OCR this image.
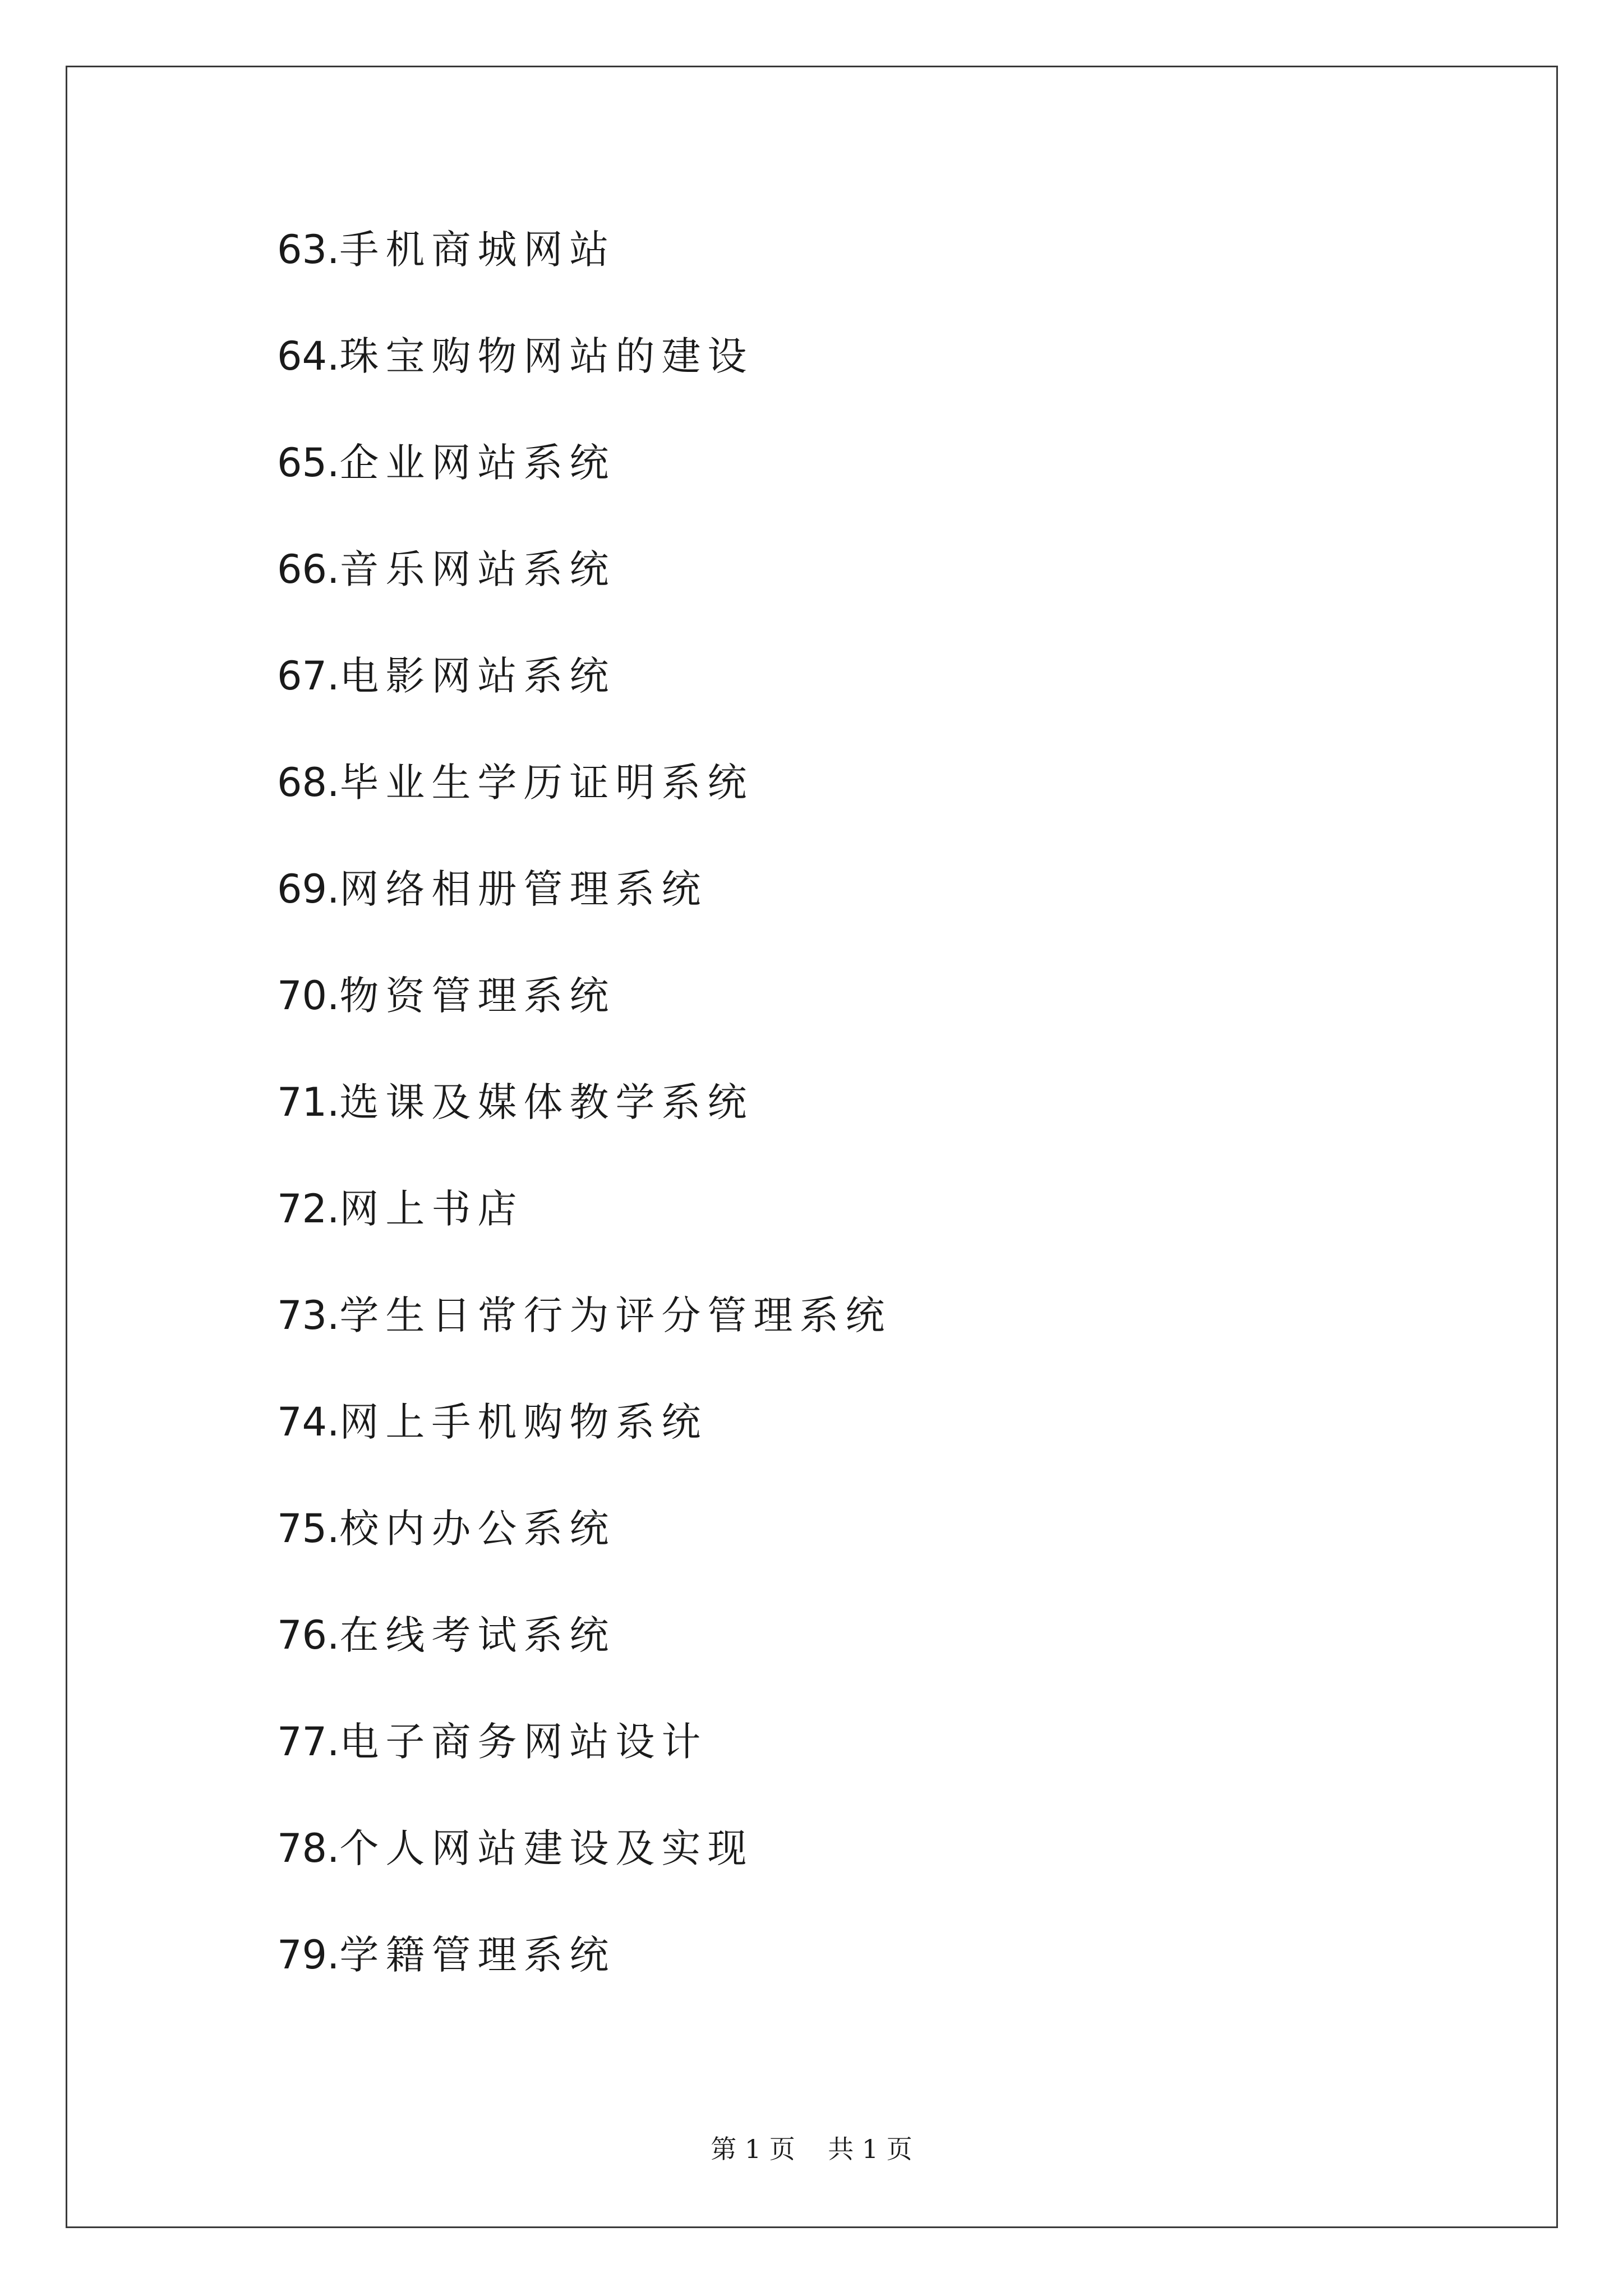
63.手机商城网站
64.珠宝购物网站的建设
65.企业网站系统
66.音乐网站系统
67.电影网站系统
68.毕业生学历证明系统
69.网络相册管理系统
70.物资管理系统
71.选课及媒体教学系统
72.网上书店
73.学生日常行为评分管理系统
74.网上手机购物系统
75.校内办公系统
76.在线考试系统
77.电子商务网站设计
78.个人网站建设及实现
79.学籍管理系统
第 1 页    共 1 页
